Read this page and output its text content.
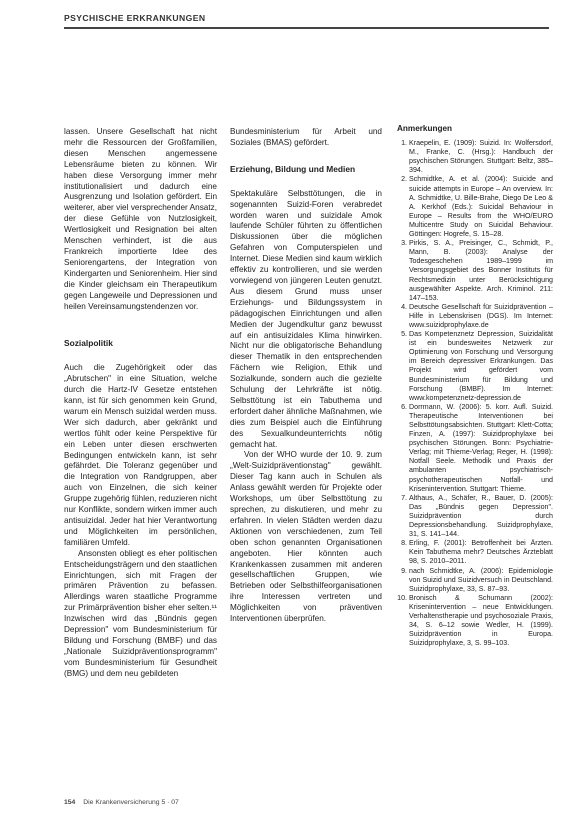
PSYCHISCHE ERKRANKUNGEN

lassen. Unsere Gesellschaft hat nicht mehr die Ressourcen der Großfamilien, diesen Menschen angemessene Lebensräume bieten zu können. Wir haben diese Versorgung immer mehr institutionalisiert und dadurch eine Ausgrenzung und Isolation gefördert. Ein weiterer, aber viel versprechender Ansatz, der diese Gefühle von Nutzlosigkeit, Wertlosigkeit und Resignation bei alten Menschen verhindert, ist die aus Frankreich importierte Idee des Seniorengartens, der Integration von Kindergarten und Seniorenheim. Hier sind die Kinder gleichsam ein Therapeutikum gegen Langeweile und Depressionen und heilen Vereinsamungstendenzen vor.

Sozialpolitik

Auch die Zugehörigkeit oder das „Abrutschen" in eine Situation, welche durch die Hartz-IV Gesetze entstehen kann, ist für sich genommen kein Grund, warum ein Mensch suizidal werden muss. Wer sich dadurch, aber gekränkt und wertlos fühlt oder keine Perspektive für ein Leben unter diesen erschwerten Bedingungen entwickeln kann, ist sehr gefährdet. Die Toleranz gegenüber und die Integration von Randgruppen, aber auch von Einzelnen, die sich keiner Gruppe zugehörig fühlen, reduzieren nicht nur Konflikte, sondern wirken immer auch antisuizidal. Jeder hat hier Verantwortung und Möglichkeiten im persönlichen, familiären Umfeld.

Ansonsten obliegt es eher politischen Entscheidungsträgern und den staatlichen Einrichtungen, sich mit Fragen der primären Prävention zu befassen. Allerdings waren staatliche Programme zur Primärprävention bisher eher selten.¹¹ Inzwischen wird das „Bündnis gegen Depression" vom Bundesministerium für Bildung und Forschung (BMBF) und das „Nationale Suizidpräventionsprogramm" vom Bundesministerium für Gesundheit (BMG) und dem neu gebildeten

Bundesministerium für Arbeit und Soziales (BMAS) gefördert.

Erziehung, Bildung und Medien

Spektakuläre Selbsttötungen, die in sogenannten Suizid-Foren verabredet worden waren und suizidale Amok laufende Schüler führten zu öffentlichen Diskussionen über die möglichen Gefahren von Computerspielen und Internet. Diese Medien sind kaum wirklich effektiv zu kontrollieren, und sie werden vorwiegend von jüngeren Leuten genutzt. Aus diesem Grund muss unser Erziehungs- und Bildungssystem in pädagogischen Einrichtungen und allen Medien der Jugendkultur ganz bewusst auf ein antisuizidales Klima hinwirken. Nicht nur die obligatorische Behandlung dieser Thematik in den entsprechenden Fächern wie Religion, Ethik und Sozialkunde, sondern auch die gezielte Schulung der Lehrkräfte ist nötig. Selbsttötung ist ein Tabuthema und erfordert daher ähnliche Maßnahmen, wie dies zum Beispiel auch die Einführung des Sexualkundeunterrichts nötig gemacht hat.

Von der WHO wurde der 10. 9. zum „Welt-Suizidpräventionstag" gewählt. Dieser Tag kann auch in Schulen als Anlass gewählt werden für Projekte oder Workshops, um über Selbsttötung zu sprechen, zu diskutieren, und mehr zu erfahren. In vielen Städten werden dazu Aktionen von verschiedenen, zum Teil oben schon genannten Organisationen angeboten. Hier könnten auch Krankenkassen zusammen mit anderen gesellschaftlichen Gruppen, wie Betrieben oder Selbsthilfeorganisationen ihre Interessen vertreten und Möglichkeiten von präventiven Interventionen überprüfen.

Anmerkungen
1. Kraepelin, E. (1909): Suizid. In: Wolfersdorf, M., Franke, C. (Hrsg.): Handbuch der psychischen Störungen. Stuttgart: Beltz, 385–394.
2. Schmidtke, A. et al. (2004): Suicide and suicide attempts in Europe – An overview. In: A. Schmidtke, U. Bille-Brahe, Diego De Leo & A. Kerkhof (Eds.): Suicidal Behaviour in Europe – Results from the WHO/EURO Multicentre Study on Suicidal Behaviour. Göttingen: Hogrefe, S. 15–28.
3. Pirkis, S. A., Preisinger, C., Schmidt, P., Mann, B. (2003): Analyse der Todesgeschehen 1989–1999 im Versorgungsgebiet des Bonner Instituts für Rechtsmedizin unter Berücksichtigung ausgewählter Aspekte. Arch. Kriminol. 211: 147–153.
4. Deutsche Gesellschaft für Suizidprävention – Hilfe in Lebenskrisen (DGS). Im Internet: www.suizidprophylaxe.de
5. Das Kompetenznetz Depression, Suizidalität ist ein bundesweites Netzwerk zur Optimierung von Forschung und Versorgung im Bereich depressiver Erkrankungen. Das Projekt wird gefördert vom Bundesministerium für Bildung und Forschung (BMBF). Im Internet: www.kompetenznetz-depression.de
6. Dorrmann, W. (2006): 5. korr. Aufl. Suizid. Therapeutische Interventionen bei Selbsttötungsabsichten. Stuttgart: Klett-Cotta; Finzen, A. (1997): Suizidprophylaxe bei psychischen Störungen. Bonn: Psychiatrie-Verlag; mit Thieme-Verlag; Reger, H. (1998): Notfall Seele. Methodik und Praxis der ambulanten psychiatrisch-psychotherapeutischen Notfall- und Krisenintervention. Stuttgart: Thieme.
7. Althaus, A., Schäfer, R., Bauer, D. (2005): Das „Bündnis gegen Depression". Suizidprävention durch Depressionsbehandlung. Suizidprophylaxe, 31, S. 141–144.
8. Erling, F. (2001): Betroffenheit bei Ärzten. Kein Tabuthema mehr? Deutsches Ärzteblatt 98, S. 2010–2011.
9. nach Schmidtke, A. (2006): Epidemiologie von Suizid und Suizidversuch in Deutschland. Suizidprophylaxe, 33, S. 87–93.
10. Bronisch & Schumann (2002): Krisenintervention – neue Entwicklungen. Verhaltenstherapie und psychosoziale Praxis, 34, S. 6–12 sowie Wedler, H. (1999). Suizidprävention in Europa. Suizidprophylaxe, 3, S. 99–103.
154 Die Krankenversicherung 5 · 07
